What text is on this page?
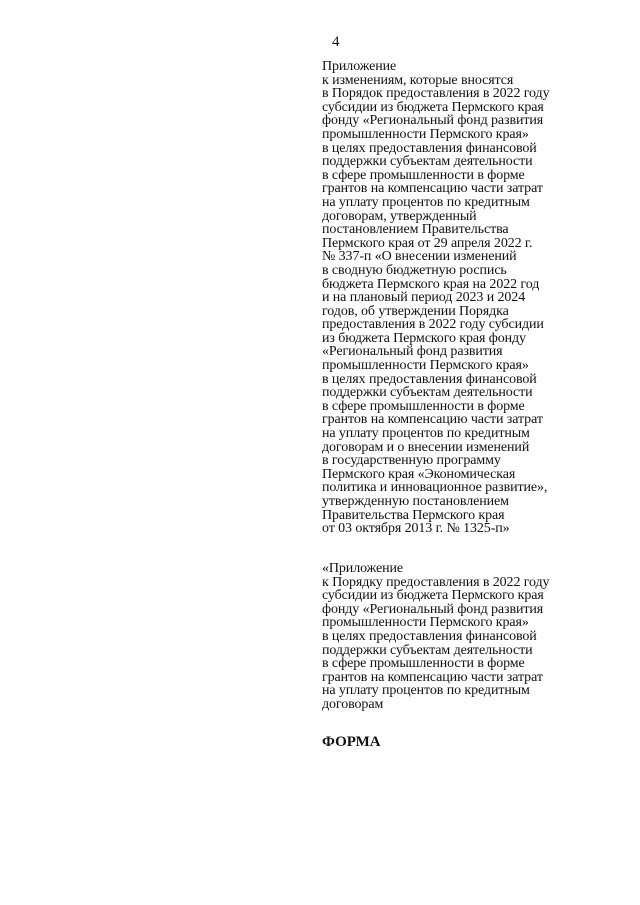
4
Приложение
к изменениям, которые вносятся
в Порядок предоставления в 2022 году
субсидии из бюджета Пермского края
фонду «Региональный фонд развития
промышленности Пермского края»
в целях предоставления финансовой
поддержки субъектам деятельности
в сфере промышленности в форме
грантов на компенсацию части затрат
на уплату процентов по кредитным
договорам, утвержденный
постановлением Правительства
Пермского края от 29 апреля 2022 г.
№ 337-п «О внесении изменений
в сводную бюджетную роспись
бюджета Пермского края на 2022 год
и на плановый период 2023 и 2024
годов, об утверждении Порядка
предоставления в 2022 году субсидии
из бюджета Пермского края фонду
«Региональный фонд развития
промышленности Пермского края»
в целях предоставления финансовой
поддержки субъектам деятельности
в сфере промышленности в форме
грантов на компенсацию части затрат
на уплату процентов по кредитным
договорам и о внесении изменений
в государственную программу
Пермского края «Экономическая
политика и инновационное развитие»,
утвержденную постановлением
Правительства Пермского края
от 03 октября 2013 г. № 1325-п»
«Приложение
к Порядку предоставления в 2022 году
субсидии из бюджета Пермского края
фонду «Региональный фонд развития
промышленности Пермского края»
в целях предоставления финансовой
поддержки субъектам деятельности
в сфере промышленности в форме
грантов на компенсацию части затрат
на уплату процентов по кредитным
договорам
ФОРМА
